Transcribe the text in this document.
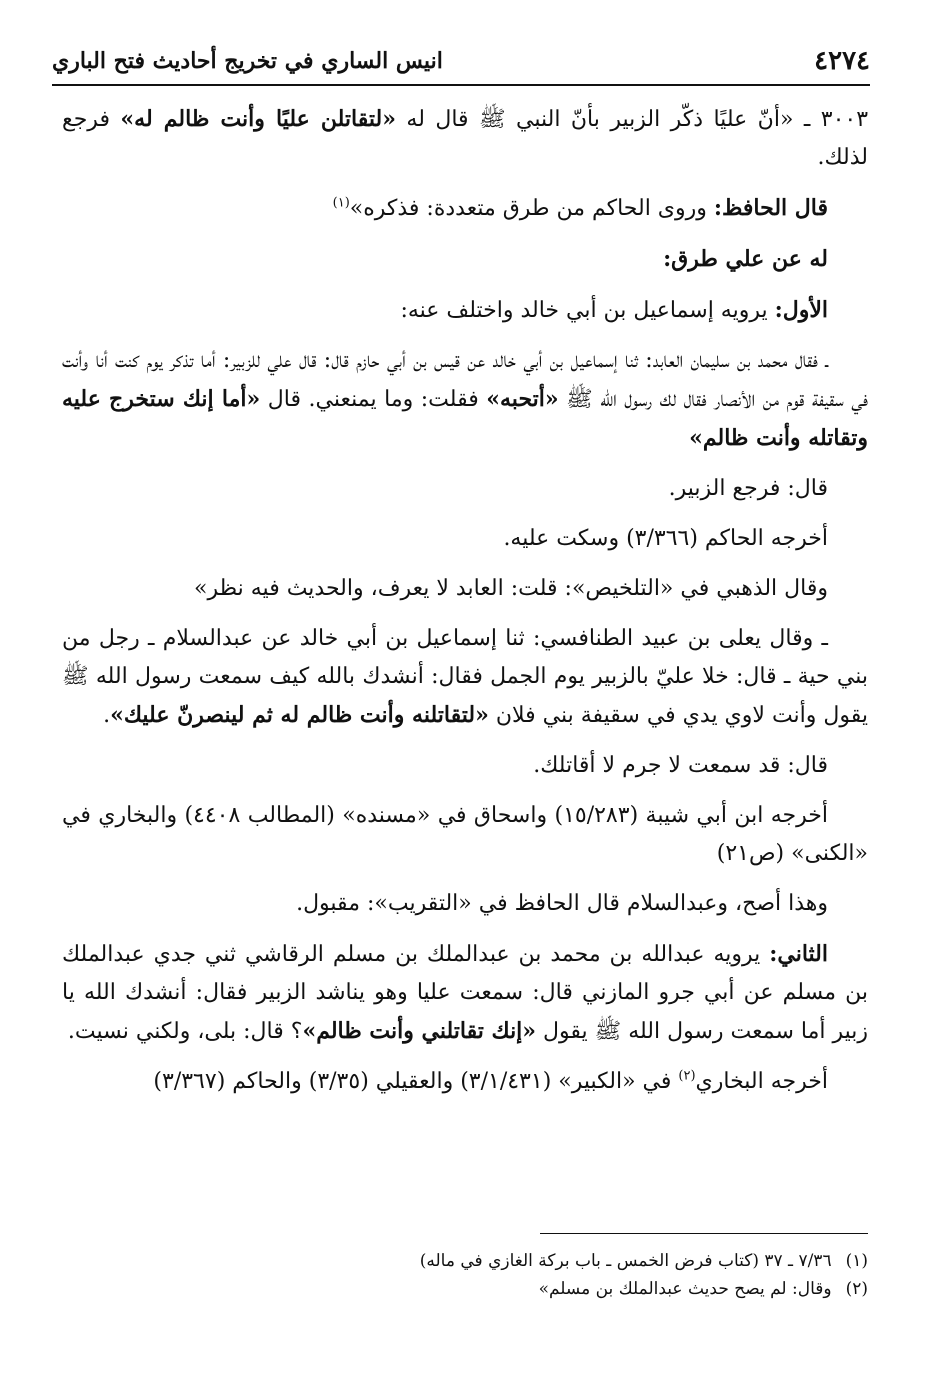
٤٢٧٤
انيس الساري في تخريج أحاديث فتح الباري

٣٠٠٣ ـ «أنّ عليًا ذكّر الزبير بأنّ النبي ﷺ قال له «لتقاتلن عليًا وأنت ظالم له» فرجع لذلك.

قال الحافظ: وروى الحاكم من طرق متعددة: فذكره»$^{(١)}$

له عن علي طرق:

الأول: يرويه إسماعيل بن أبي خالد واختلف عنه:

ـ فقال محمد بن سليمان العابد: ثنا إسماعيل بن أبي خالد عن قيس بن أبي حازم قال: قال علي للزبير: أما تذكر يوم كنت أنا وأنت في سقيفة قوم من الأنصار فقال لك رسول الله ﷺ «أتحبه» فقلت: وما يمنعني. قال «أما إنك ستخرج عليه وتقاتله وأنت ظالم»

قال: فرجع الزبير.

أخرجه الحاكم (٣/٣٦٦) وسكت عليه.

وقال الذهبي في «التلخيص»: قلت: العابد لا يعرف، والحديث فيه نظر»

ـ وقال يعلى بن عبيد الطنافسي: ثنا إسماعيل بن أبي خالد عن عبدالسلام ـ رجل من بني حية ـ قال: خلا عليّ بالزبير يوم الجمل فقال: أنشدك بالله كيف سمعت رسول الله ﷺ يقول وأنت لاوي يدي في سقيفة بني فلان «لتقاتلنه وأنت ظالم له ثم لينصرنّ عليك».

قال: قد سمعت لا جرم لا أقاتلك.

أخرجه ابن أبي شيبة (١٥/٢٨٣) واسحاق في «مسنده» (المطالب ٤٤٠٨) والبخاري في «الكنى» (ص٢١)

وهذا أصح، وعبدالسلام قال الحافظ في «التقريب»: مقبول.

الثاني: يرويه عبدالله بن محمد بن عبدالملك بن مسلم الرقاشي ثني جدي عبدالملك بن مسلم عن أبي جرو المازني قال: سمعت عليا وهو يناشد الزبير فقال: أنشدك الله يا زبير أما سمعت رسول الله ﷺ يقول «إنك تقاتلني وأنت ظالم»؟ قال: بلى، ولكني نسيت.

أخرجه البخاري$^{(٢)}$ في «الكبير» (٣/١/٤٣١) والعقيلي (٣/٣٥) والحاكم (٣/٣٦٧)

(١)
٧/٣٦ ـ ٣٧ (كتاب فرض الخمس ـ باب بركة الغازي في ماله)
(٢)
وقال: لم يصح حديث عبدالملك بن مسلم»
